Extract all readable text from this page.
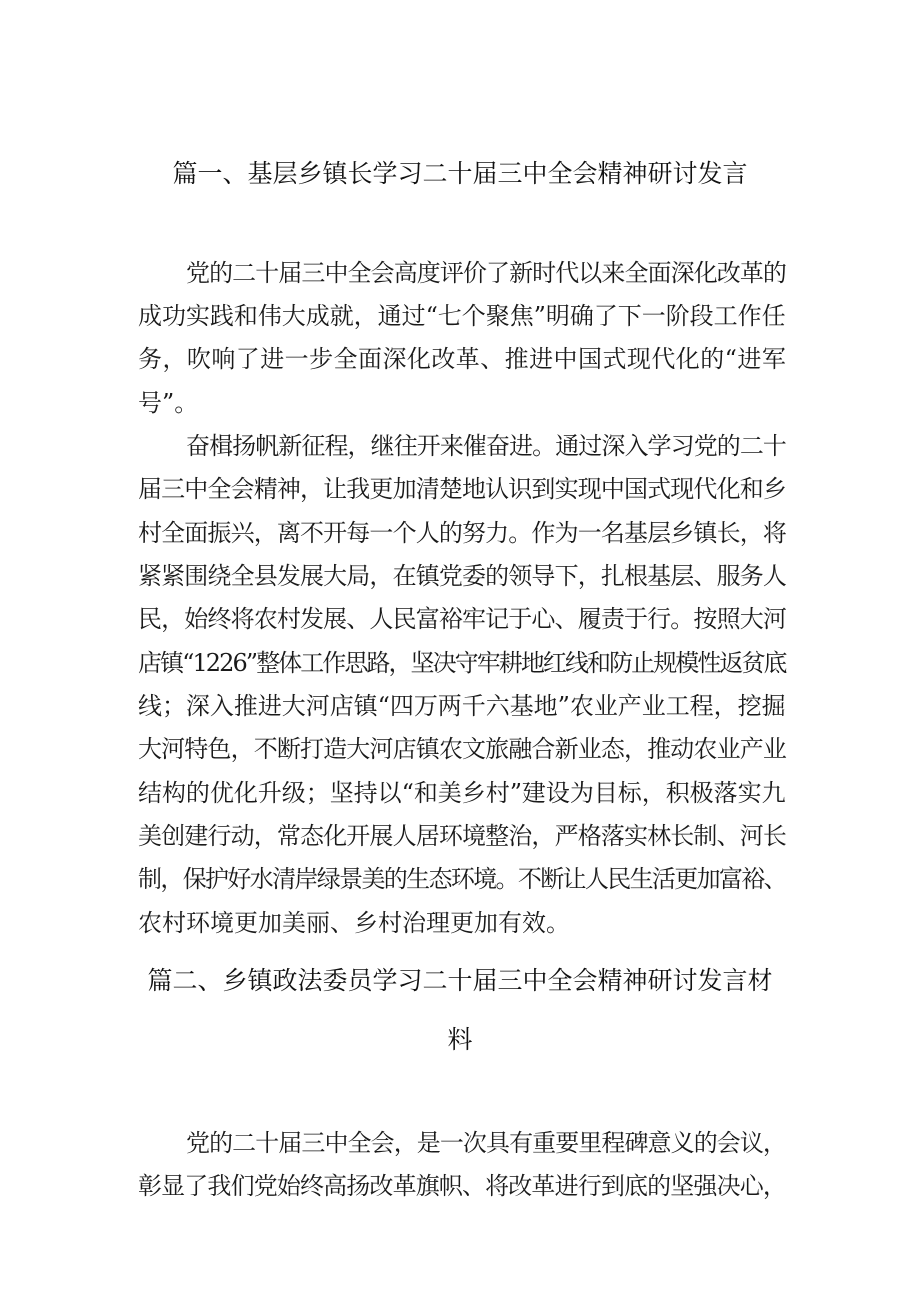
篇一、基层乡镇长学习二十届三中全会精神研讨发言
党的二十届三中全会高度评价了新时代以来全面深化改革的
成功实践和伟大成就，通过“七个聚焦”明确了下一阶段工作任
务，吹响了进一步全面深化改革、推进中国式现代化的“进军
号”。
奋楫扬帆新征程，继往开来催奋进。通过深入学习党的二十
届三中全会精神，让我更加清楚地认识到实现中国式现代化和乡
村全面振兴，离不开每一个人的努力。作为一名基层乡镇长，将
紧紧围绕全县发展大局，在镇党委的领导下，扎根基层、服务人
民，始终将农村发展、人民富裕牢记于心、履责于行。按照大河
店镇“1226”整体工作思路，坚决守牢耕地红线和防止规模性返贫底
线；深入推进大河店镇“四万两千六基地”农业产业工程，挖掘
大河特色，不断打造大河店镇农文旅融合新业态，推动农业产业
结构的优化升级；坚持以“和美乡村”建设为目标，积极落实九
美创建行动，常态化开展人居环境整治，严格落实林长制、河长
制，保护好水清岸绿景美的生态环境。不断让人民生活更加富裕、
农村环境更加美丽、乡村治理更加有效。
篇二、乡镇政法委员学习二十届三中全会精神研讨发言材
料
党的二十届三中全会，是一次具有重要里程碑意义的会议，
彰显了我们党始终高扬改革旗帜、将改革进行到底的坚强决心，
